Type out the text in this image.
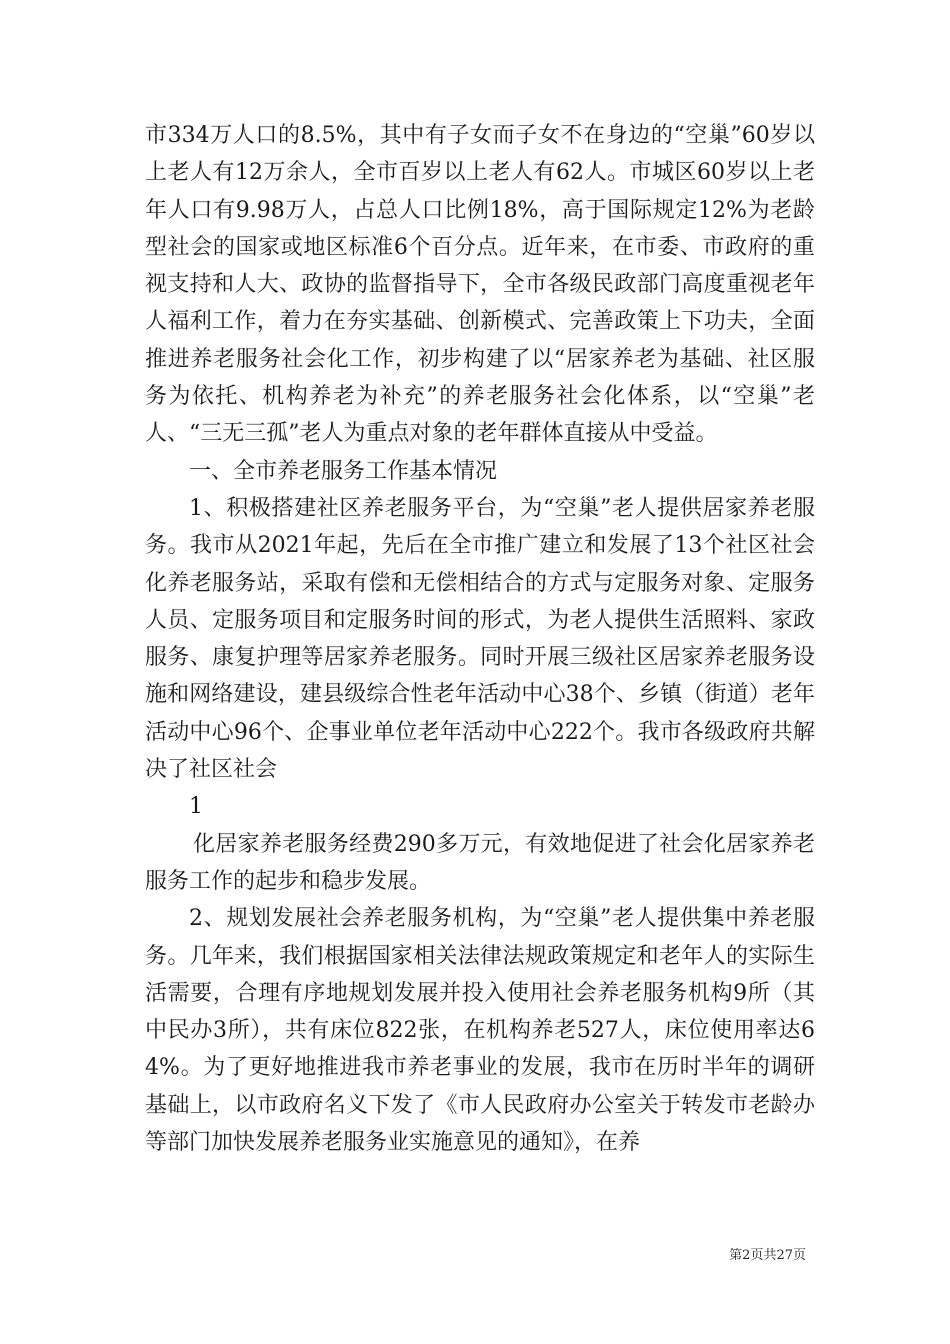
市334万人口的8.5%，其中有子女而子女不在身边的“空巢”60岁以上老人有12万余人，全市百岁以上老人有62人。市城区60岁以上老年人口有9.98万人，占总人口比例18%，高于国际规定12%为老龄型社会的国家或地区标准6个百分点。近年来，在市委、市政府的重视支持和人大、政协的监督指导下，全市各级民政部门高度重视老年人福利工作，着力在夯实基础、创新模式、完善政策上下功夫，全面推进养老服务社会化工作，初步构建了以“居家养老为基础、社区服务为依托、机构养老为补充”的养老服务社会化体系，以“空巢”老人、“三无三孤”老人为重点对象的老年群体直接从中受益。

一、全市养老服务工作基本情况

1、积极搭建社区养老服务平台，为“空巢”老人提供居家养老服务。我市从2021年起，先后在全市推广建立和发展了13个社区社会化养老服务站，采取有偿和无偿相结合的方式与定服务对象、定服务人员、定服务项目和定服务时间的形式，为老人提供生活照料、家政服务、康复护理等居家养老服务。同时开展三级社区居家养老服务设施和网络建设，建县级综合性老年活动中心38个、乡镇（街道）老年活动中心96个、企事业单位老年活动中心222个。我市各级政府共解决了社区社会

1

化居家养老服务经费290多万元，有效地促进了社会化居家养老服务工作的起步和稳步发展。

2、规划发展社会养老服务机构，为“空巢”老人提供集中养老服务。几年来，我们根据国家相关法律法规政策规定和老年人的实际生活需要，合理有序地规划发展并投入使用社会养老服务机构9所（其中民办3所），共有床位822张，在机构养老527人，床位使用率达64%。为了更好地推进我市养老事业的发展，我市在历时半年的调研基础上，以市政府名义下发了《市人民政府办公室关于转发市老龄办等部门加快发展养老服务业实施意见的通知》，在养

第2页共27页
